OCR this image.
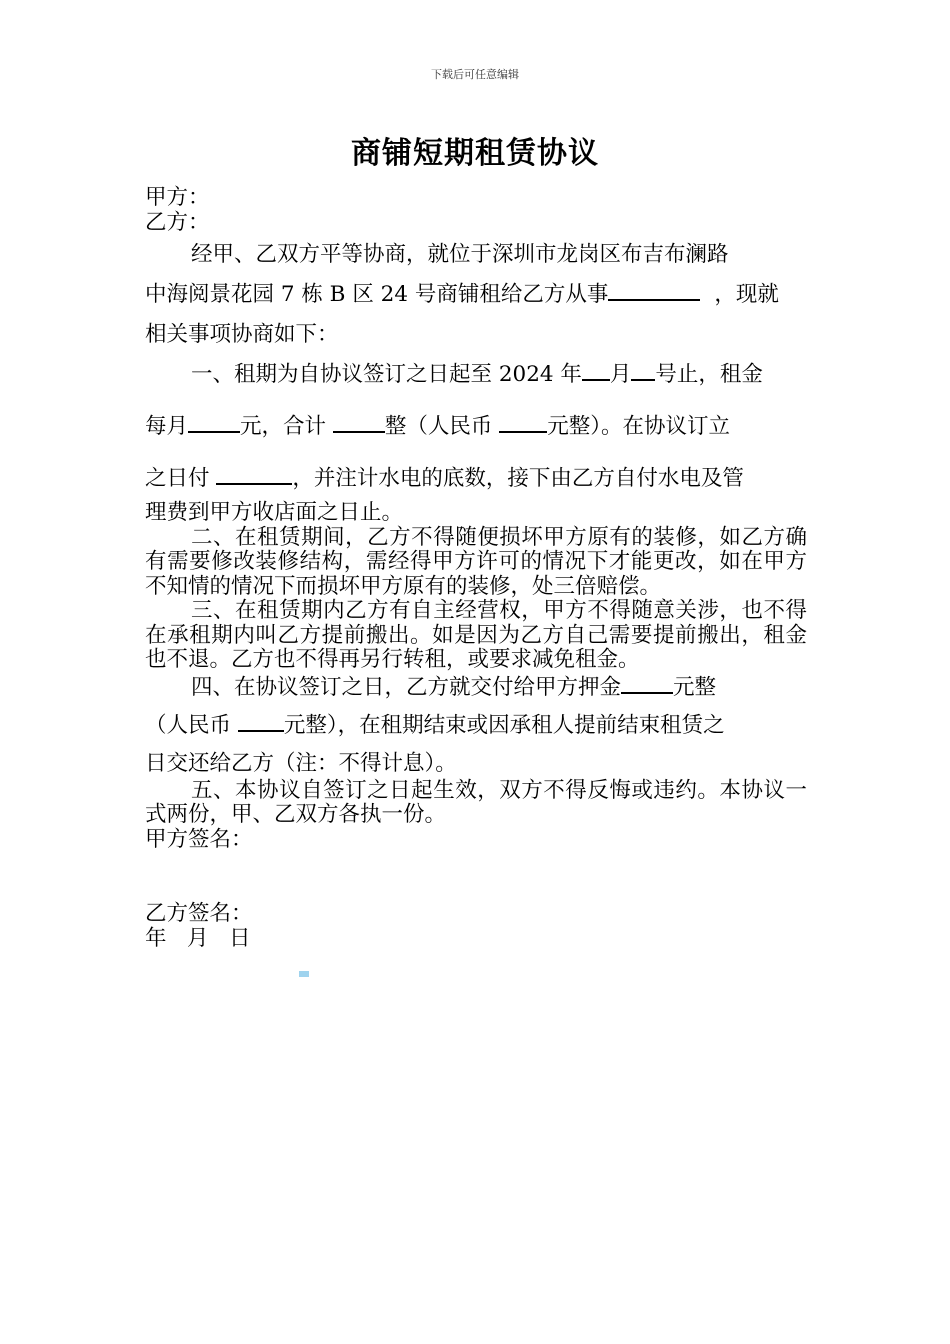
下载后可任意编辑
商铺短期租赁协议

甲方：

乙方：

经甲、乙双方平等协商，就位于深圳市龙岗区布吉布澜路
中海阅景花园 7 栋 B 区 24 号商铺租给乙方从事	，现就
相关事项协商如下：
一、租期为自协议签订之日起至 2024 年 月 号止，租金
每月 元，合计 整（人民币 元整）。在协议订立
之日付	，并注计水电的底数，接下由乙方自付水电及管

理费到甲方收店面之日止。

二、在租赁期间，乙方不得随便损坏甲方原有的装修，如乙方确有需要修改装修结构，需经得甲方许可的情况下才能更改，如在甲方不知情的情况下而损坏甲方原有的装修，处三倍赔偿。

三、在租赁期内乙方有自主经营权，甲方不得随意关涉，也不得在承租期内叫乙方提前搬出。如是因为乙方自己需要提前搬出，租金也不退。乙方也不得再另行转租，或要求减免租金。

四、在协议签订之日，乙方就交付给甲方押金 元整
（人民币 元整），在租期结束或因承租人提前结束租赁之
日交还给乙方（注：不得计息）。

五、本协议自签订之日起生效，双方不得反悔或违约。本协议一式两份，甲、乙双方各执一份。

甲方签名：

乙方签名：

年   月   日
